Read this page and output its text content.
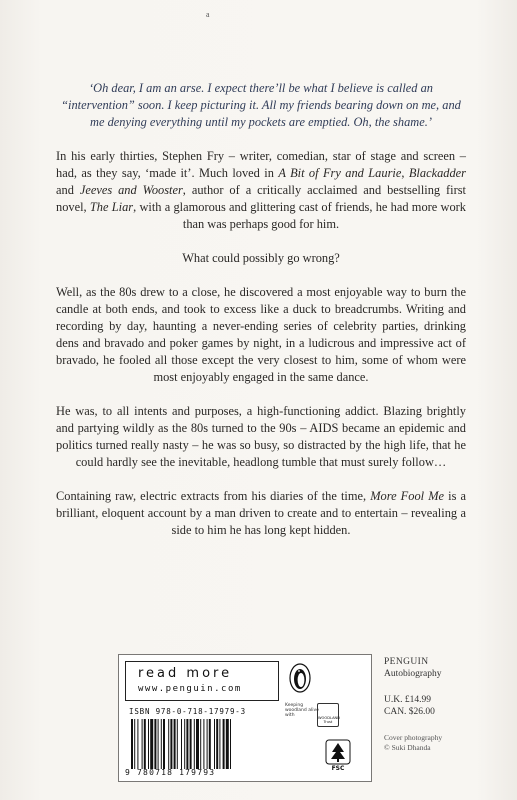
a

‘Oh dear, I am an arse. I expect there’ll be what I believe is called an “intervention” soon. I keep picturing it. All my friends bearing down on me, and me denying everything until my pockets are emptied. Oh, the shame.’

In his early thirties, Stephen Fry – writer, comedian, star of stage and screen – had, as they say, ‘made it’. Much loved in A Bit of Fry and Laurie, Blackadder and Jeeves and Wooster, author of a critically acclaimed and bestselling first novel, The Liar, with a glamorous and glittering cast of friends, he had more work than was perhaps good for him.

What could possibly go wrong?

Well, as the 80s drew to a close, he discovered a most enjoyable way to burn the candle at both ends, and took to excess like a duck to breadcrumbs. Writing and recording by day, haunting a never-ending series of celebrity parties, drinking dens and bravado and poker games by night, in a ludicrous and impressive act of bravado, he fooled all those except the very closest to him, some of whom were most enjoyably engaged in the same dance.

He was, to all intents and purposes, a high-functioning addict. Blazing brightly and partying wildly as the 80s turned to the 90s – AIDS became an epidemic and politics turned really nasty – he was so busy, so distracted by the high life, that he could hardly see the inevitable, headlong tumble that must surely follow…

Containing raw, electric extracts from his diaries of the time, More Fool Me is a brilliant, eloquent account by a man driven to create and to entertain – revealing a side to him he has long kept hidden.

read more
www.penguin.com
ISBN 978-0-718-17979-3
9 780718 179793
Keeping woodland alive with	WOODLAND Trust
FSC
PENGUIN
Autobiography
U.K. £14.99
CAN. $26.00
Cover photography
© Suki Dhanda
